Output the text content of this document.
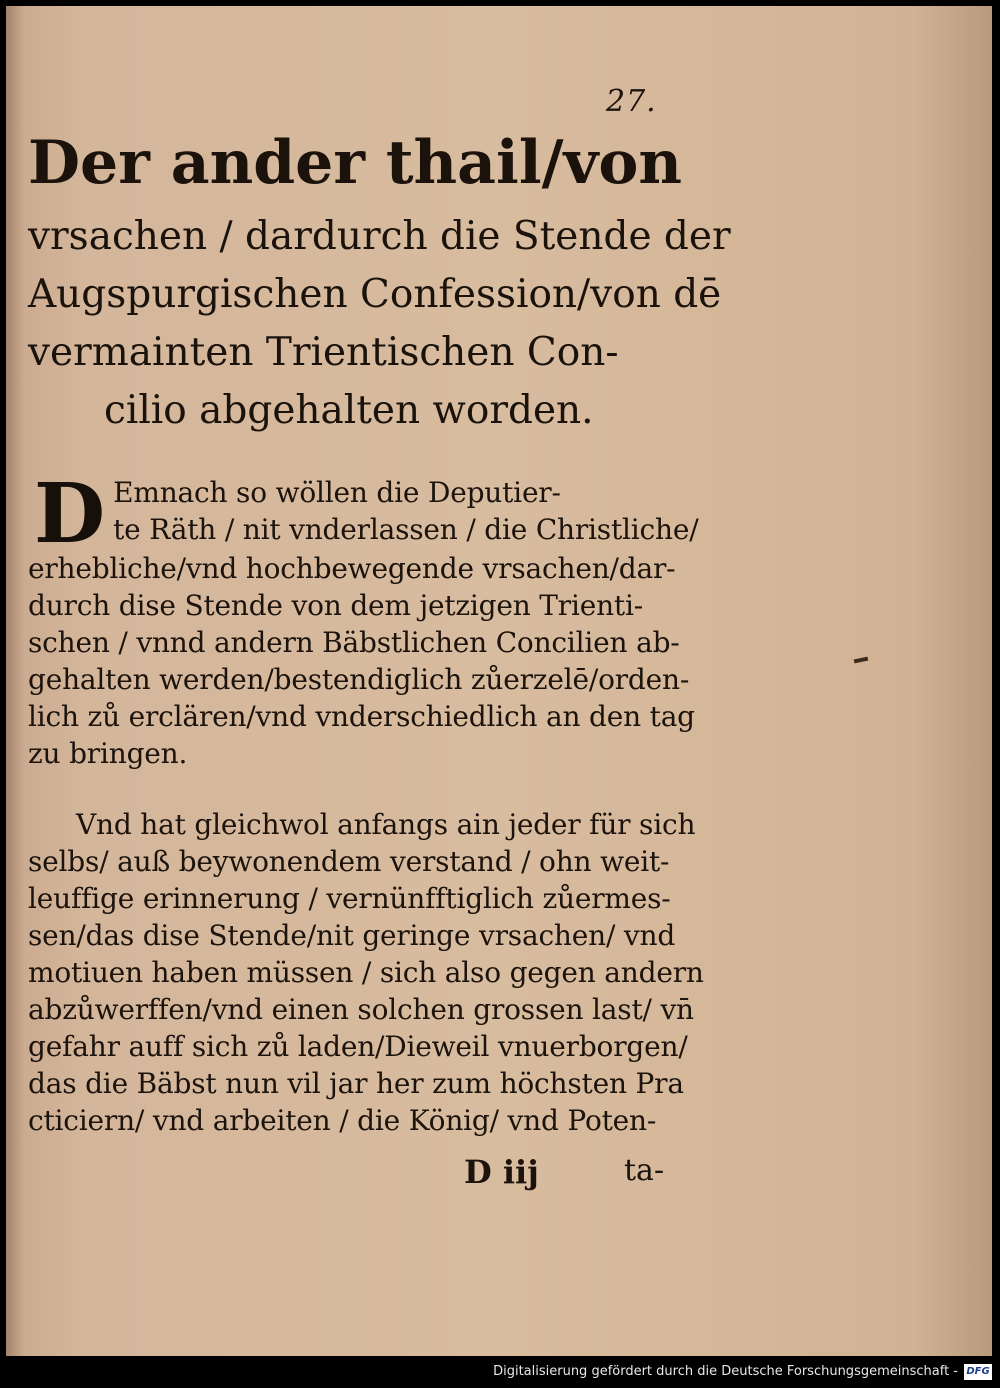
27.
Der ander thail/von
vrsachen / dardurch die Stende der
Augspurgischen Confession/von dē
vermainten Trientischen Con-
cilio abgehalten worden.
D Emnach so wöllen die Deputier-
te Räth / nit vnderlassen / die Christliche/
erhebliche/vnd hochbewegende vrsachen/dar-
durch dise Stende von dem jetzigen Trienti-
schen / vnnd andern Bäbstlichen Concilien ab-
gehalten werden/bestendiglich zůerzelē/orden-
lich zů erclären/vnd vnderschiedlich an den tag
zu bringen.
Vnd hat gleichwol anfangs ain jeder für sich
selbs/ auß beywonendem verstand / ohn weit-
leuffige erinnerung / vernünfftiglich zůermes-
sen/das dise Stende/nit geringe vrsachen/ vnd
motiuen haben müssen / sich also gegen andern
abzůwerffen/vnd einen solchen grossen last/ vn̄
gefahr auff sich zů laden/Dieweil vnuerborgen/
das die Bäbst nun vil jar her zum höchsten Pra
cticiern/ vnd arbeiten / die König/ vnd Poten-
D iij	ta-
Digitalisierung gefördert durch die Deutsche Forschungsgemeinschaft - DFG
